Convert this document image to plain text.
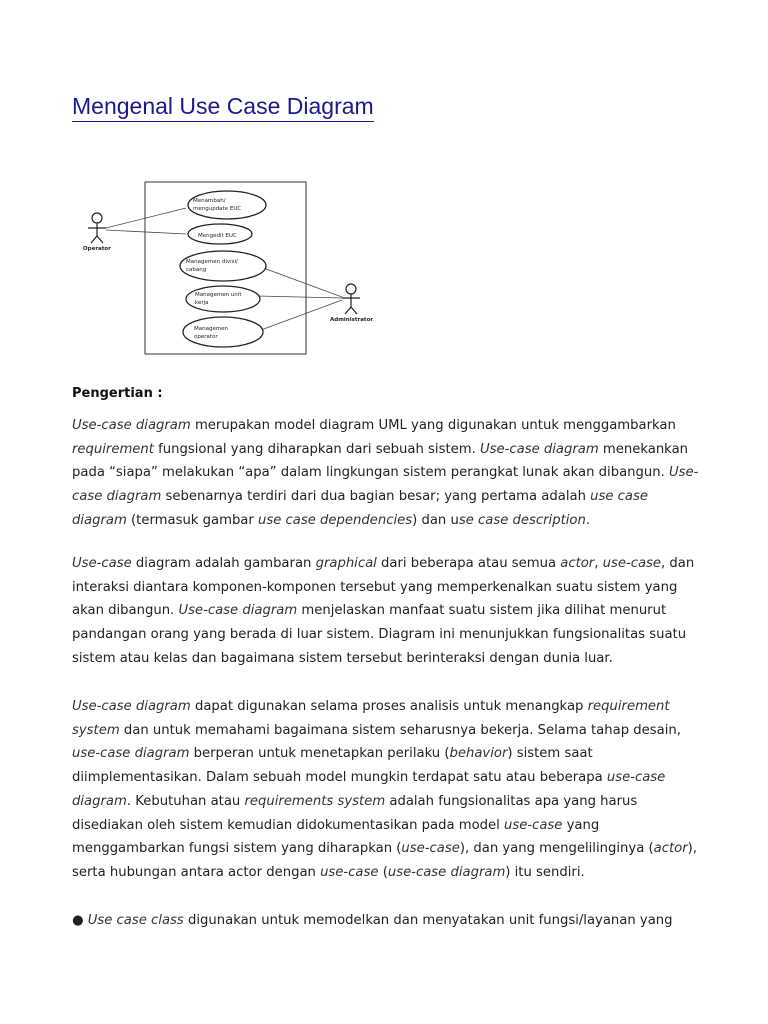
Mengenal Use Case Diagram
Operator
Administrator
Menambah/
mengupdate EUC
Mengedit EUC
Managemen divisi/
cabang
Managemen unit
kerja
Managemen
operator

Pengertian :

Use-case diagram merupakan model diagram UML yang digunakan untuk menggambarkan requirement fungsional yang diharapkan dari sebuah sistem. Use-case diagram menekankan pada “siapa” melakukan “apa” dalam lingkungan sistem perangkat lunak akan dibangun. Use-case diagram sebenarnya terdiri dari dua bagian besar; yang pertama adalah use case diagram (termasuk gambar use case dependencies) dan use case description.

Use-case diagram adalah gambaran graphical dari beberapa atau semua actor, use-case, dan interaksi diantara komponen-komponen tersebut yang memperkenalkan suatu sistem yang akan dibangun. Use-case diagram menjelaskan manfaat suatu sistem jika dilihat menurut pandangan orang yang berada di luar sistem. Diagram ini menunjukkan fungsionalitas suatu sistem atau kelas dan bagaimana sistem tersebut berinteraksi dengan dunia luar.

Use-case diagram dapat digunakan selama proses analisis untuk menangkap requirement system dan untuk memahami bagaimana sistem seharusnya bekerja. Selama tahap desain, use-case diagram berperan untuk menetapkan perilaku (behavior) sistem saat diimplementasikan. Dalam sebuah model mungkin terdapat satu atau beberapa use-case diagram. Kebutuhan atau requirements system adalah fungsionalitas apa yang harus disediakan oleh sistem kemudian didokumentasikan pada model use-case yang menggambarkan fungsi sistem yang diharapkan (use-case), dan yang mengelilinginya (actor), serta hubungan antara actor dengan use-case (use-case diagram) itu sendiri.

● Use case class digunakan untuk memodelkan dan menyatakan unit fungsi/layanan yang
